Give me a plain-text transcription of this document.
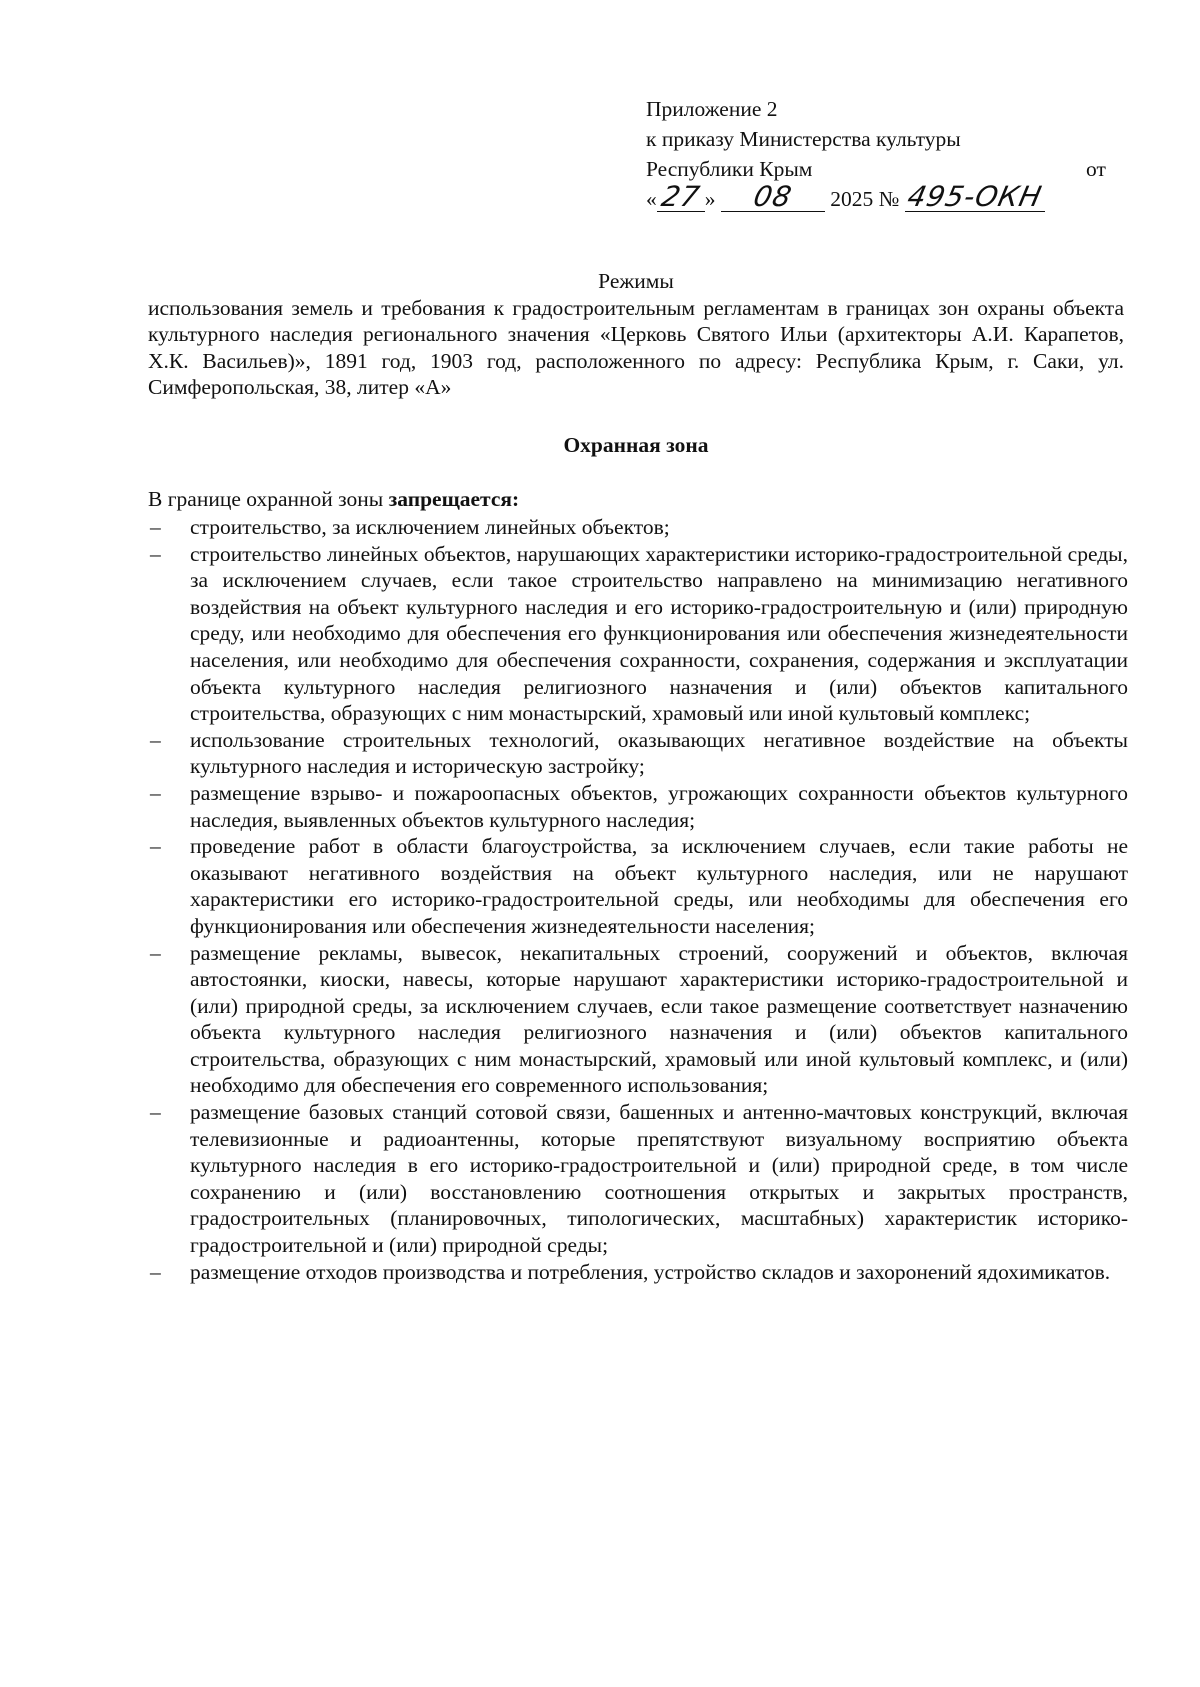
Приложение 2
к приказу Министерства культуры
Республики Крым	от
«27» 08 2025 № 495-ОКН
Режимы
использования земель и требования к градостроительным регламентам в границах зон охраны объекта культурного наследия регионального значения «Церковь Святого Ильи (архитекторы А.И. Карапетов, Х.К. Васильев)», 1891 год, 1903 год, расположенного по адресу: Республика Крым, г. Саки, ул. Симферопольская, 38, литер «А»
Охранная зона
В границе охранной зоны запрещается:
– строительство, за исключением линейных объектов;
– строительство линейных объектов, нарушающих характеристики историко-градостроительной среды, за исключением случаев, если такое строительство направлено на минимизацию негативного воздействия на объект культурного наследия и его историко-градостроительную и (или) природную среду, или необходимо для обеспечения его функционирования или обеспечения жизнедеятельности населения, или необходимо для обеспечения сохранности, сохранения, содержания и эксплуатации объекта культурного наследия религиозного назначения и (или) объектов капитального строительства, образующих с ним монастырский, храмовый или иной культовый комплекс;
– использование строительных технологий, оказывающих негативное воздействие на объекты культурного наследия и историческую застройку;
– размещение взрыво- и пожароопасных объектов, угрожающих сохранности объектов культурного наследия, выявленных объектов культурного наследия;
– проведение работ в области благоустройства, за исключением случаев, если такие работы не оказывают негативного воздействия на объект культурного наследия, или не нарушают характеристики его историко-градостроительной среды, или необходимы для обеспечения его функционирования или обеспечения жизнедеятельности населения;
– размещение рекламы, вывесок, некапитальных строений, сооружений и объектов, включая автостоянки, киоски, навесы, которые нарушают характеристики историко-градостроительной и (или) природной среды, за исключением случаев, если такое размещение соответствует назначению объекта культурного наследия религиозного назначения и (или) объектов капитального строительства, образующих с ним монастырский, храмовый или иной культовый комплекс, и (или) необходимо для обеспечения его современного использования;
– размещение базовых станций сотовой связи, башенных и антенно-мачтовых конструкций, включая телевизионные и радиоантенны, которые препятствуют визуальному восприятию объекта культурного наследия в его историко-градостроительной и (или) природной среде, в том числе сохранению и (или) восстановлению соотношения открытых и закрытых пространств, градостроительных (планировочных, типологических, масштабных) характеристик историко-градостроительной и (или) природной среды;
– размещение отходов производства и потребления, устройство складов и захоронений ядохимикатов.
